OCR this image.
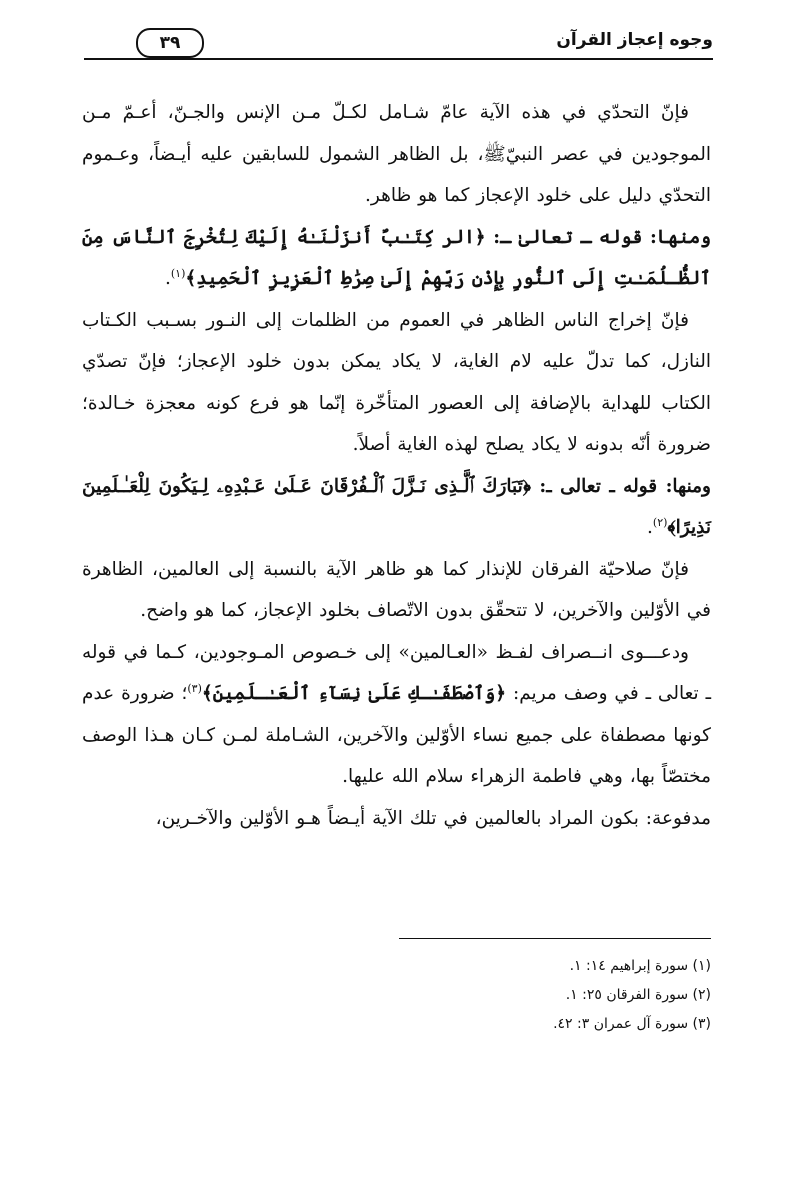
وجوه إعجاز القرآن
٣٩

فإنّ التحدّي في هذه الآية عامّ شـامل لكـلّ مـن الإنس والجـنّ، أعـمّ مـن الموجودين في عصر النبيّﷺ، بل الظاهر الشمول للسابقين عليه أيـضاً، وعـموم التحدّي دليل على خلود الإعجاز كما هو ظاهر.

ومنها: قوله ـ تعالىٰ ـ: ﴿الر كِتَـٰبٌ أَنزَلْنَـٰهُ إِلَيْكَ لِتُخْرِجَ ٱلنَّاسَ مِنَ ٱلظُّـلُمَـٰتِ إِلَى ٱلنُّورِ بِإِذْنِ رَبِّهِمْ إِلَىٰ صِرَٰطِ ٱلْعَزِيزِ ٱلْحَمِيدِ﴾$^{(١)}$.

فإنّ إخراج الناس الظاهر في العموم من الظلمات إلى النـور بسـبب الكـتاب النازل، كما تدلّ عليه لام الغاية، لا يكاد يمكن بدون خلود الإعجاز؛ فإنّ تصدّي الكتاب للهداية بالإضافة إلى العصور المتأخّرة إنّما هو فرع كونه معجزة خـالدة؛ ضرورة أنّه بدونه لا يكاد يصلح لهذه الغاية أصلاً.

ومنها: قوله ـ تعالى ـ: ﴿تَبَارَكَ ٱلَّـذِى نَـزَّلَ ٱلْـفُرْقَانَ عَـلَىٰ عَـبْدِهِۦ لِـيَكُونَ لِلْعَـٰـلَمِينَ نَذِيرًا﴾$^{(٢)}$.

فإنّ صلاحيّة الفرقان للإنذار كما هو ظاهر الآية بالنسبة إلى العالمين، الظاهرة في الأوّلين والآخرين، لا تتحقّق بدون الاتّصاف بخلود الإعجاز، كما هو واضح.

ودعـــوى انــصراف لفـظ «العـالمين» إلى خـصوص المـوجودين، كـما في قوله ـ تعالى ـ في وصف مريم: ﴿وَٱصْطَفَـٰـكِ عَلَىٰ نِسَآءِ ٱلْعَـٰـلَمِينَ﴾$^{(٣)}$؛ ضرورة عدم كونها مصطفاة على جميع نساء الأوّلين والآخرين، الشـاملة لمـن كـان هـذا الوصف مختصّاً بها، وهي فاطمة الزهراء سلام الله عليها.

مدفوعة: بكون المراد بالعالمين في تلك الآية أيـضاً هـو الأوّلين والآخـرين،

(١) سورة إبراهيم ١٤: ١.

(٢) سورة الفرقان ٢٥: ١.

(٣) سورة آل عمران ٣: ٤٢.
